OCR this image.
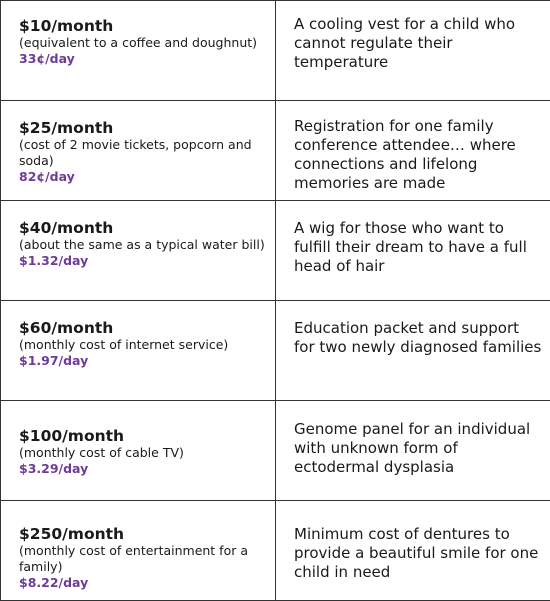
$10/month
(equivalent to a coffee and doughnut)
33¢/day	A cooling vest for a child who cannot regulate their temperature

$25/month
(cost of 2 movie tickets, popcorn and soda)
82¢/day	Registration for one family conference attendee… where connections and lifelong memories are made

$40/month
(about the same as a typical water bill)
$1.32/day	A wig for those who want to fulfill their dream to have a full head of hair

$60/month
(monthly cost of internet service)
$1.97/day	Education packet and support for two newly diagnosed families

$100/month
(monthly cost of cable TV)
$3.29/day	Genome panel for an individual with unknown form of ectodermal dysplasia

$250/month
(monthly cost of entertainment for a family)
$8.22/day	Minimum cost of dentures to provide a beautiful smile for one child in need
